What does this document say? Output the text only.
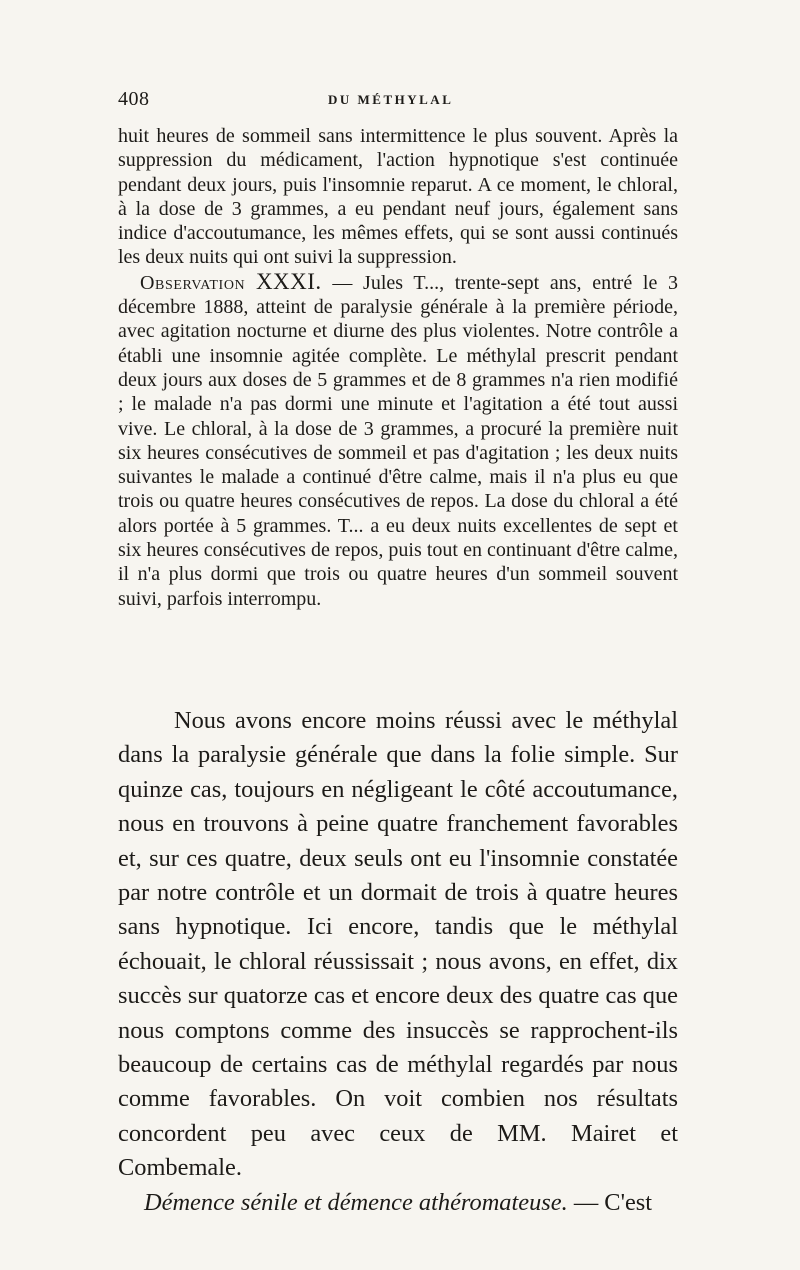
408	DU MÉTHYLAL

huit heures de sommeil sans intermittence le plus souvent. Après la suppression du médicament, l'action hypnotique s'est continuée pendant deux jours, puis l'insomnie reparut. A ce moment, le chloral, à la dose de 3 grammes, a eu pendant neuf jours, également sans indice d'accoutumance, les mêmes effets, qui se sont aussi continués les deux nuits qui ont suivi la suppression.

Observation XXXI. — Jules T..., trente-sept ans, entré le 3 décembre 1888, atteint de paralysie générale à la première période, avec agitation nocturne et diurne des plus violentes. Notre contrôle a établi une insomnie agitée complète. Le méthylal prescrit pendant deux jours aux doses de 5 grammes et de 8 grammes n'a rien modifié ; le malade n'a pas dormi une minute et l'agitation a été tout aussi vive. Le chloral, à la dose de 3 grammes, a procuré la première nuit six heures consécutives de sommeil et pas d'agitation ; les deux nuits suivantes le malade a continué d'être calme, mais il n'a plus eu que trois ou quatre heures consécutives de repos. La dose du chloral a été alors portée à 5 grammes. T... a eu deux nuits excellentes de sept et six heures consécutives de repos, puis tout en continuant d'être calme, il n'a plus dormi que trois ou quatre heures d'un sommeil souvent suivi, parfois interrompu.

Nous avons encore moins réussi avec le méthylal dans la paralysie générale que dans la folie simple. Sur quinze cas, toujours en négligeant le côté accoutumance, nous en trouvons à peine quatre franchement favorables et, sur ces quatre, deux seuls ont eu l'insomnie constatée par notre contrôle et un dormait de trois à quatre heures sans hypnotique. Ici encore, tandis que le méthylal échouait, le chloral réussissait ; nous avons, en effet, dix succès sur quatorze cas et encore deux des quatre cas que nous comptons comme des insuccès se rapprochent-ils beaucoup de certains cas de méthylal regardés par nous comme favorables. On voit combien nos résultats concordent peu avec ceux de MM. Mairet et Combemale.

Démence sénile et démence athéromateuse. — C'est
